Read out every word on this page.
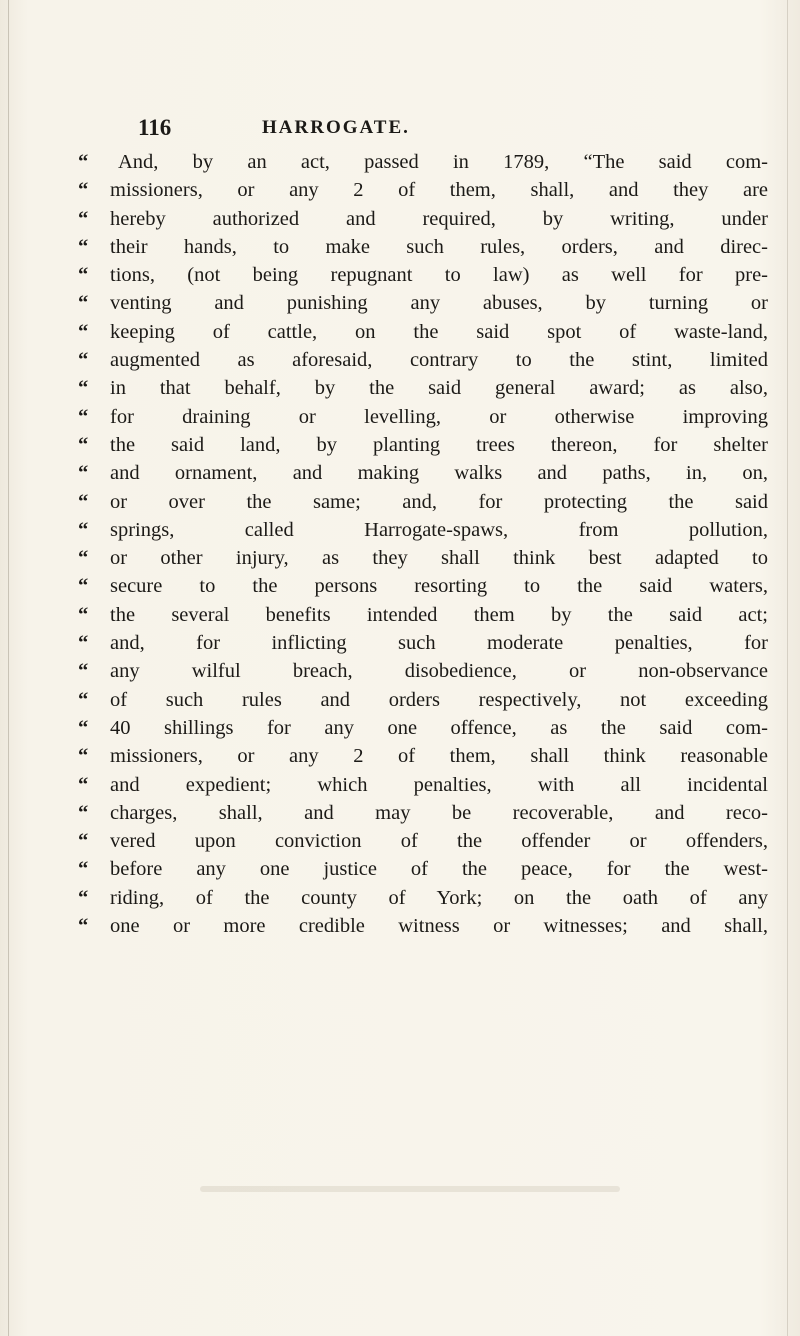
116	HARROGATE.
“	And, by an act, passed in 1789, “The said com-
“	missioners, or any 2 of them, shall, and they are
“	hereby authorized and required, by writing, under
“	their hands, to make such rules, orders, and direc-
“	tions, (not being repugnant to law) as well for pre-
“	venting and punishing any abuses, by turning or
“	keeping of cattle, on the said spot of waste-land,
“	augmented as aforesaid, contrary to the stint, limited
“	in that behalf, by the said general award; as also,
“	for draining or levelling, or otherwise improving
“	the said land, by planting trees thereon, for shelter
“	and ornament, and making walks and paths, in, on,
“	or over the same; and, for protecting the said
“	springs, called Harrogate-spaws, from pollution,
“	or other injury, as they shall think best adapted to
“	secure to the persons resorting to the said waters,
“	the several benefits intended them by the said act;
“	and, for inflicting such moderate penalties, for
“	any wilful breach, disobedience, or non-observance
“	of such rules and orders respectively, not exceeding
“	40 shillings for any one offence, as the said com-
“	missioners, or any 2 of them, shall think reasonable
“	and expedient; which penalties, with all incidental
“	charges, shall, and may be recoverable, and reco-
“	vered upon conviction of the offender or offenders,
“	before any one justice of the peace, for the west-
“	riding, of the county of York; on the oath of any
“	one or more credible witness or witnesses; and shall,
